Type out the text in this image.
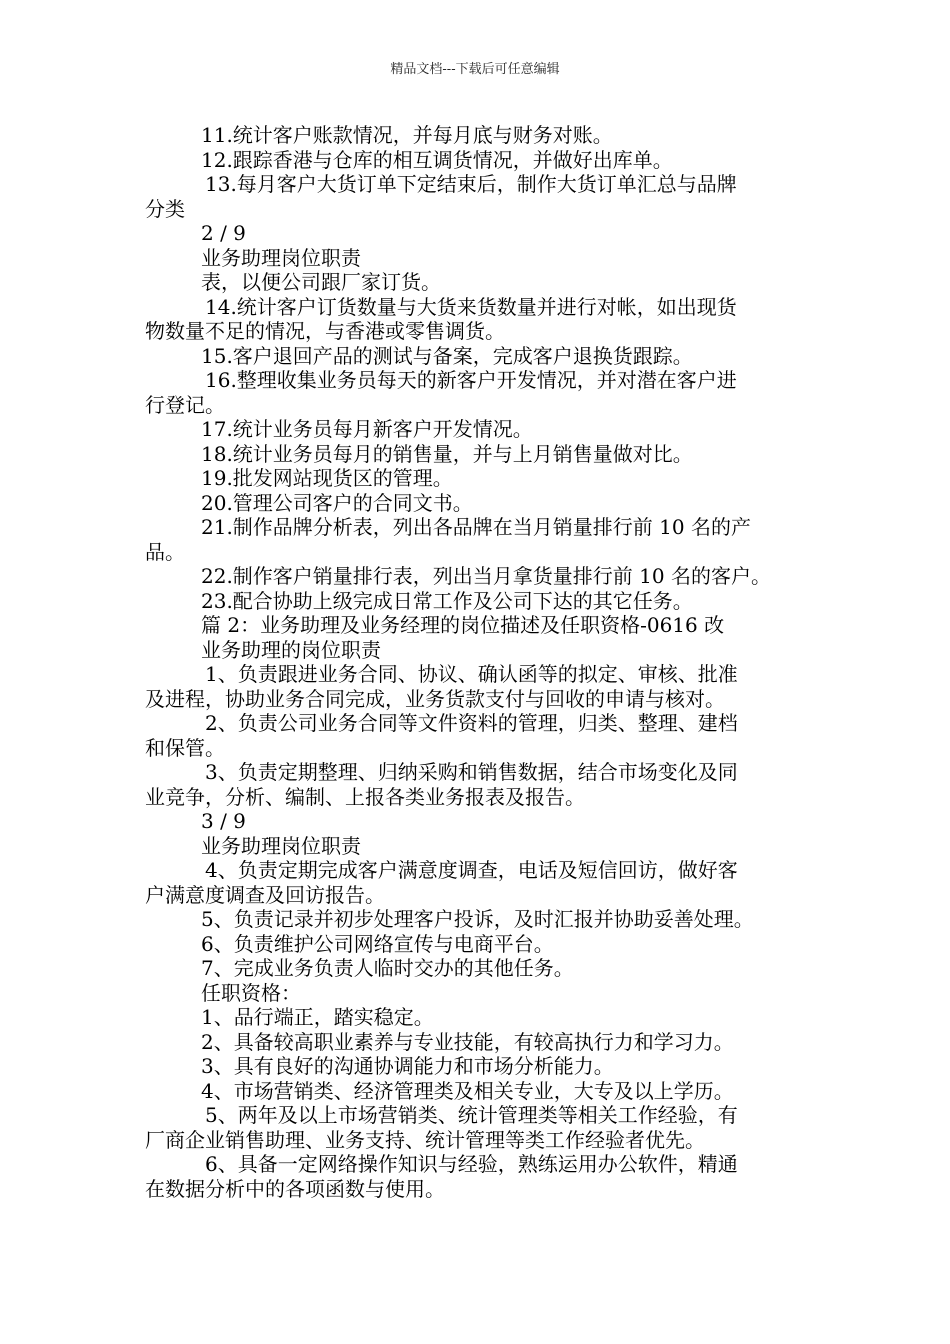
精品文档---下载后可任意编辑
11.统计客户账款情况，并每月底与财务对账。
12.跟踪香港与仓库的相互调货情况，并做好出库单。
13.每月客户大货订单下定结束后，制作大货订单汇总与品牌
分类
2 / 9
业务助理岗位职责
表，以便公司跟厂家订货。
14.统计客户订货数量与大货来货数量并进行对帐，如出现货
物数量不足的情况，与香港或零售调货。
15.客户退回产品的测试与备案，完成客户退换货跟踪。
16.整理收集业务员每天的新客户开发情况，并对潜在客户进
行登记。
17.统计业务员每月新客户开发情况。
18.统计业务员每月的销售量，并与上月销售量做对比。
19.批发网站现货区的管理。
20.管理公司客户的合同文书。
21.制作品牌分析表，列出各品牌在当月销量排行前 10 名的产
品。
22.制作客户销量排行表，列出当月拿货量排行前 10 名的客户。
23.配合协助上级完成日常工作及公司下达的其它任务。
篇 2：业务助理及业务经理的岗位描述及任职资格-0616 改
业务助理的岗位职责
1、负责跟进业务合同、协议、确认函等的拟定、审核、批准
及进程，协助业务合同完成，业务货款支付与回收的申请与核对。
2、负责公司业务合同等文件资料的管理，归类、整理、建档
和保管。
3、负责定期整理、归纳采购和销售数据，结合市场变化及同
业竞争，分析、编制、上报各类业务报表及报告。
3 / 9
业务助理岗位职责
4、负责定期完成客户满意度调查，电话及短信回访，做好客
户满意度调查及回访报告。
5、负责记录并初步处理客户投诉，及时汇报并协助妥善处理。
6、负责维护公司网络宣传与电商平台。
7、完成业务负责人临时交办的其他任务。
任职资格：
1、品行端正，踏实稳定。
2、具备较高职业素养与专业技能，有较高执行力和学习力。
3、具有良好的沟通协调能力和市场分析能力。
4、市场营销类、经济管理类及相关专业，大专及以上学历。
5、两年及以上市场营销类、统计管理类等相关工作经验，有
厂商企业销售助理、业务支持、统计管理等类工作经验者优先。
6、具备一定网络操作知识与经验，熟练运用办公软件，精通
在数据分析中的各项函数与使用。
